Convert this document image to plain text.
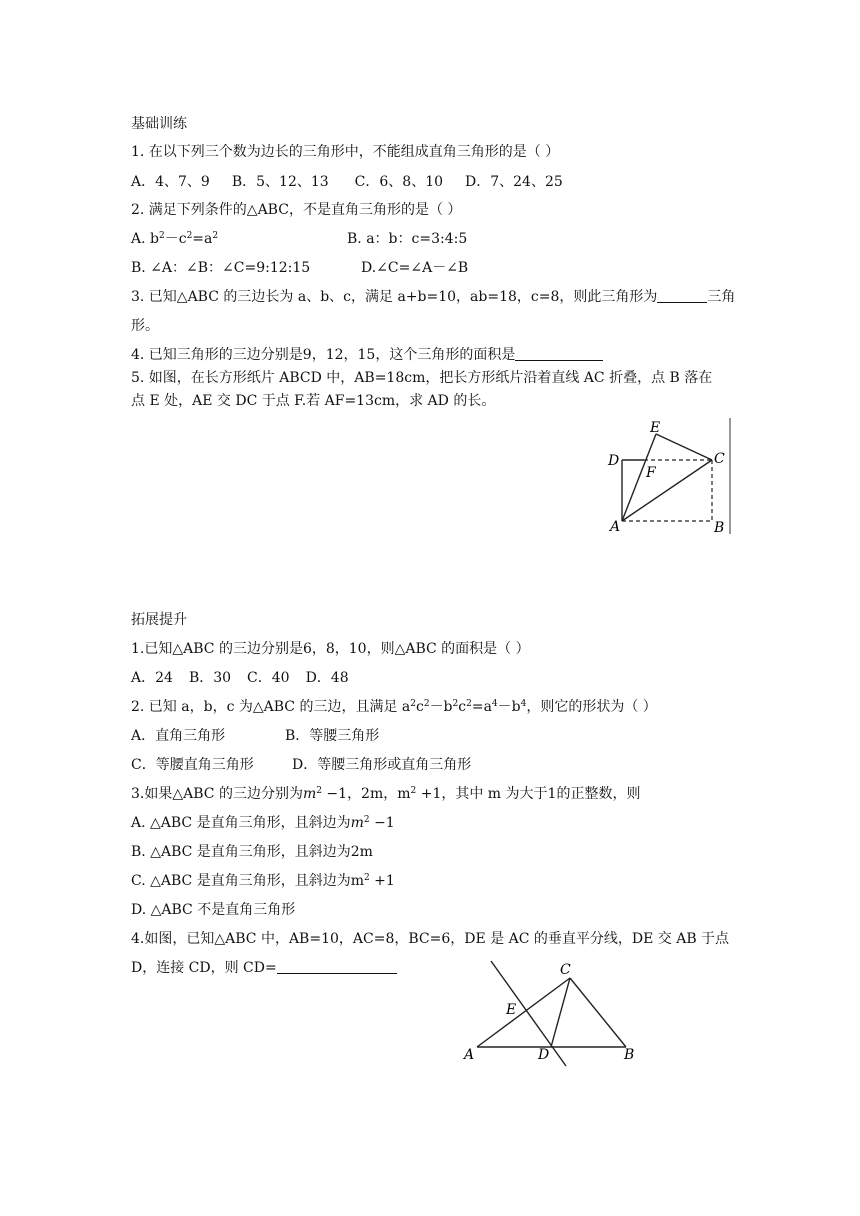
基础训练
1. 在以下列三个数为边长的三角形中，不能组成直角三角形的是（ ）
A．4、7、9 B．5、12、13 C．6、8、10 D．7、24、25
2. 满足下列条件的△ABC，不是直角三角形的是（ ）
A. $b^2-c^2=a^2$	B. a：b：c=3:4:5
B. ∠A：∠B：∠C=9:12:15	D.∠C=∠A－∠B
3. 已知△ABC 的三边长为 a、b、c，满足 a+b=10，ab=18，c=8，则此三角形为	三角
形。
4. 已知三角形的三边分别是9，12，15，这个三角形的面积是
5. 如图，在长方形纸片 ABCD 中，AB=18cm，把长方形纸片沿着直线 AC 折叠，点 B 落在
点 E 处，AE 交 DC 于点 F.若 AF=13cm，求 AD 的长。
E
D
F
C
A	B
拓展提升
1.已知△ABC 的三边分别是6，8，10，则△ABC 的面积是（ ）
A．24 B．30 C．40 D．48
2. 已知 a，b，c 为△ABC 的三边，且满足 $a^2c^2-b^2c^2=a^4-b^4$，则它的形状为（ ）
A．直角三角形	B．等腰三角形
C．等腰直角三角形	D．等腰三角形或直角三角形
3.如果△ABC 的三边分别为$m^2 -1$，2m，$m^2 +1$，其中 m 为大于1的正整数，则
A. △ABC 是直角三角形，且斜边为$m^2 -1$
B. △ABC 是直角三角形，且斜边为2m
C. △ABC 是直角三角形，且斜边为$m^2 +1$
D. △ABC 不是直角三角形
4.如图，已知△ABC 中，AB=10，AC=8，BC=6，DE 是 AC 的垂直平分线，DE 交 AB 于点
D，连接 CD，则 CD=	C
E
A	D	B
